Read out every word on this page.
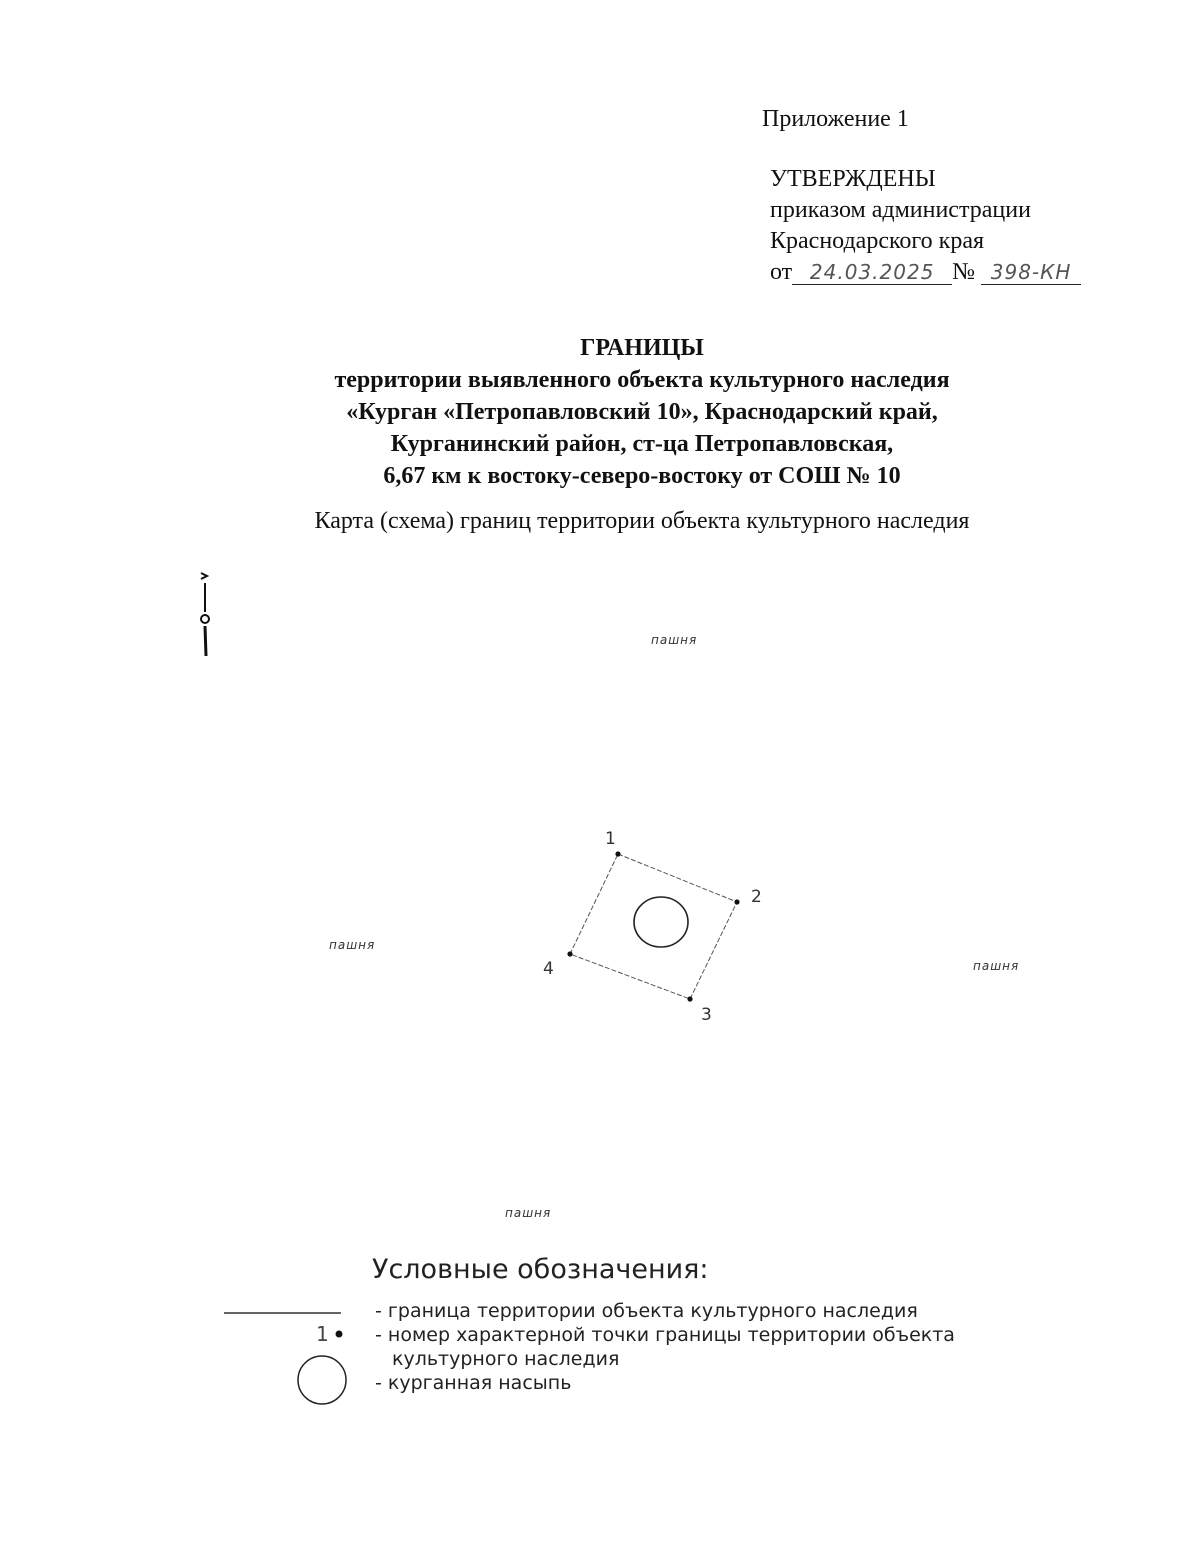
Приложение 1
УТВЕРЖДЕНЫ
приказом администрации
Краснодарского края
от 24.03.2025 № 398-КН
ГРАНИЦЫ
территории выявленного объекта культурного наследия
«Курган «Петропавловский 10», Краснодарский край,
Курганинский район, ст-ца Петропавловская,
6,67 км к востоку-северо-востоку от СОШ № 10
Карта (схема) границ территории объекта культурного наследия
1
2
3
4
пашня
пашня
пашня
пашня
Условные обозначения:
- граница территории объекта культурного наследия
1 - номер характерной точки границы территории объекта
культурного наследия
- курганная насыпь
